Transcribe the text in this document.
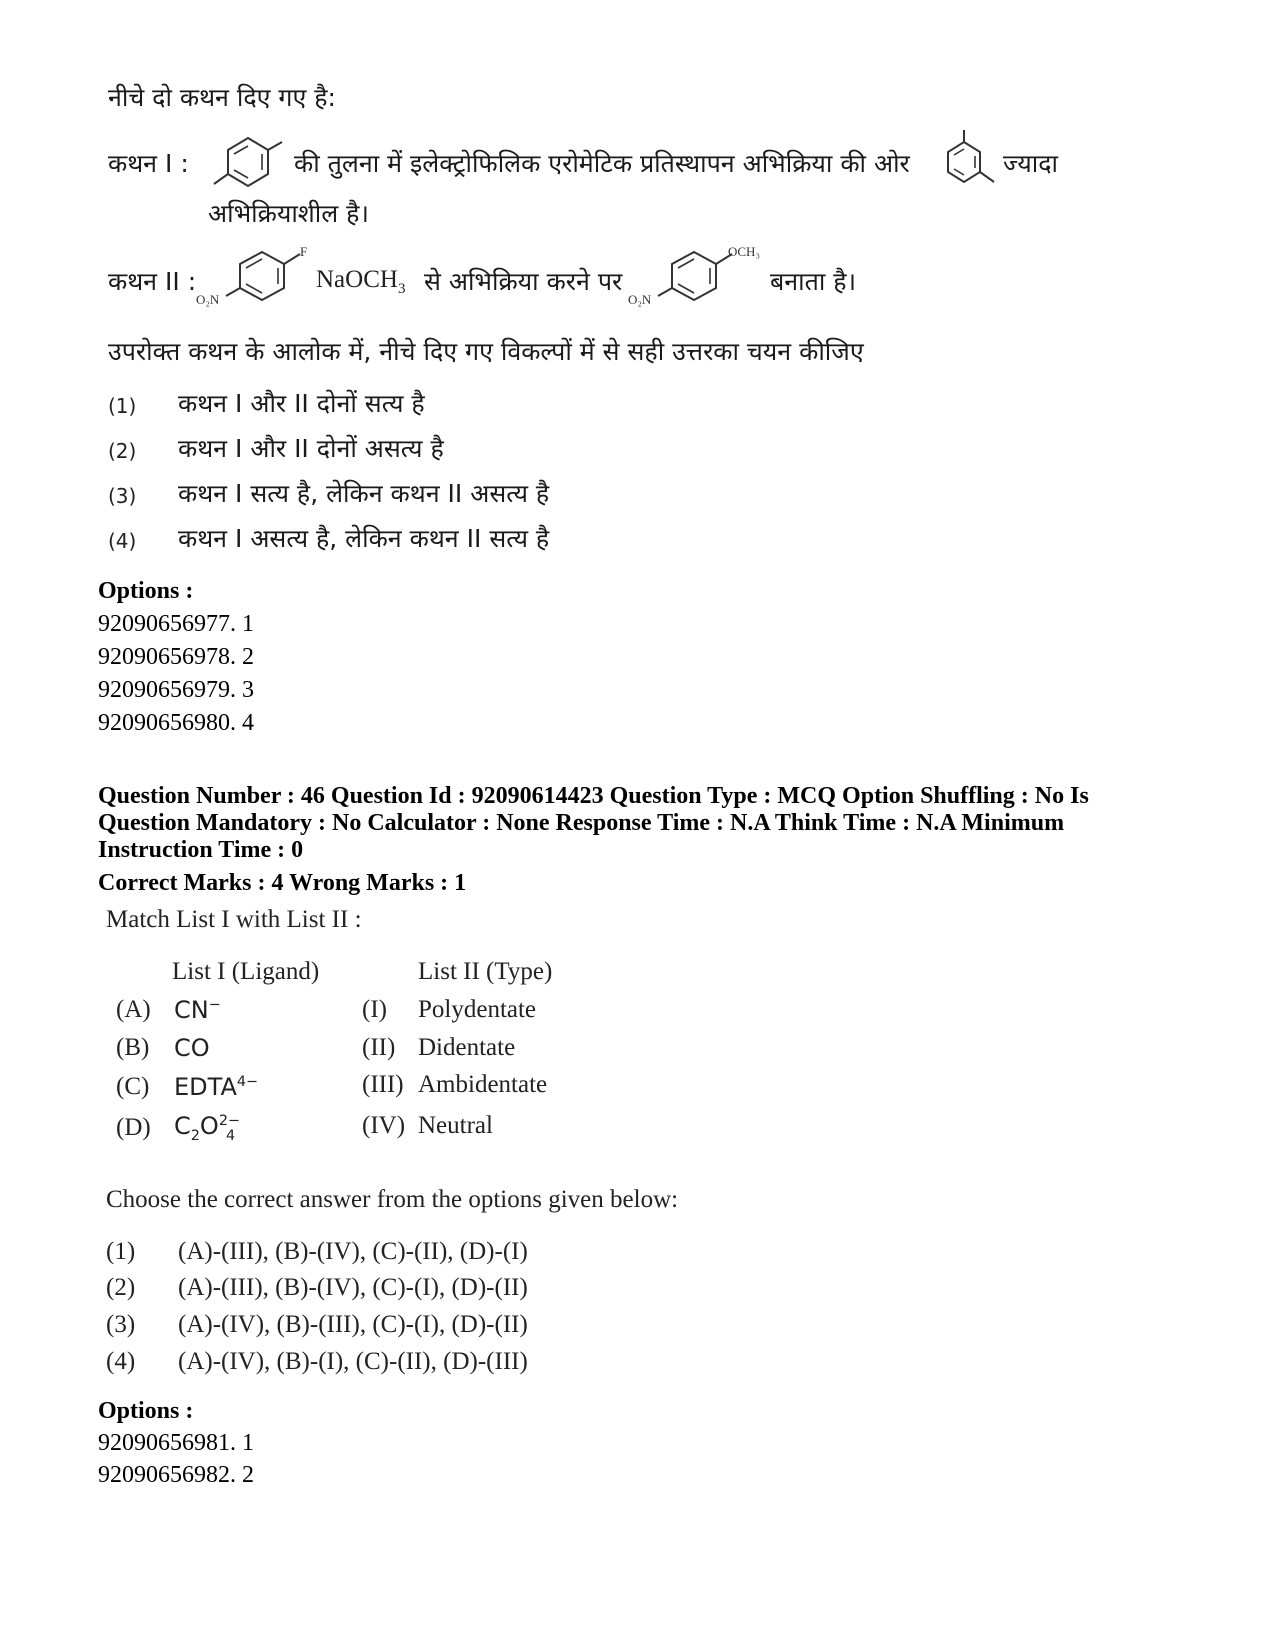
नीचे दो कथन दिए गए है:
कथन I :	की तुलना में इलेक्ट्रोफिलिक एरोमेटिक प्रतिस्थापन अभिक्रिया की ओर	ज्यादा
अभिक्रियाशील है।
कथन II :
F
O₂N
NaOCH$_3$ से अभिक्रिया करने पर
OCH₃
O₂N
बनाता है।
उपरोक्त कथन के आलोक में, नीचे दिए गए विकल्पों में से सही उत्तरका चयन कीजिए
(1) कथन I और II दोनों सत्य है
(2) कथन I और II दोनों असत्य है
(3) कथन I सत्य है, लेकिन कथन II असत्य है
(4) कथन I असत्य है, लेकिन कथन II सत्य है
Options :
92090656977. 1
92090656978. 2
92090656979. 3
92090656980. 4
Question Number : 46 Question Id : 92090614423 Question Type : MCQ Option Shuffling : No Is
Question Mandatory : No Calculator : None Response Time : N.A Think Time : N.A Minimum
Instruction Time : 0
Correct Marks : 4 Wrong Marks : 1
Match List I with List II :
List I (Ligand)	List II (Type)
(A) CN−	(I) Polydentate
(B) CO	(II) Didentate
(C) $EDTA^{4-}$	(III) Ambidentate
(D) $C_2O^{2-}_4$	(IV) Neutral
Choose the correct answer from the options given below:
(1) (A)-(III), (B)-(IV), (C)-(II), (D)-(I)
(2) (A)-(III), (B)-(IV), (C)-(I), (D)-(II)
(3) (A)-(IV), (B)-(III), (C)-(I), (D)-(II)
(4) (A)-(IV), (B)-(I), (C)-(II), (D)-(III)
Options :
92090656981. 1
92090656982. 2
